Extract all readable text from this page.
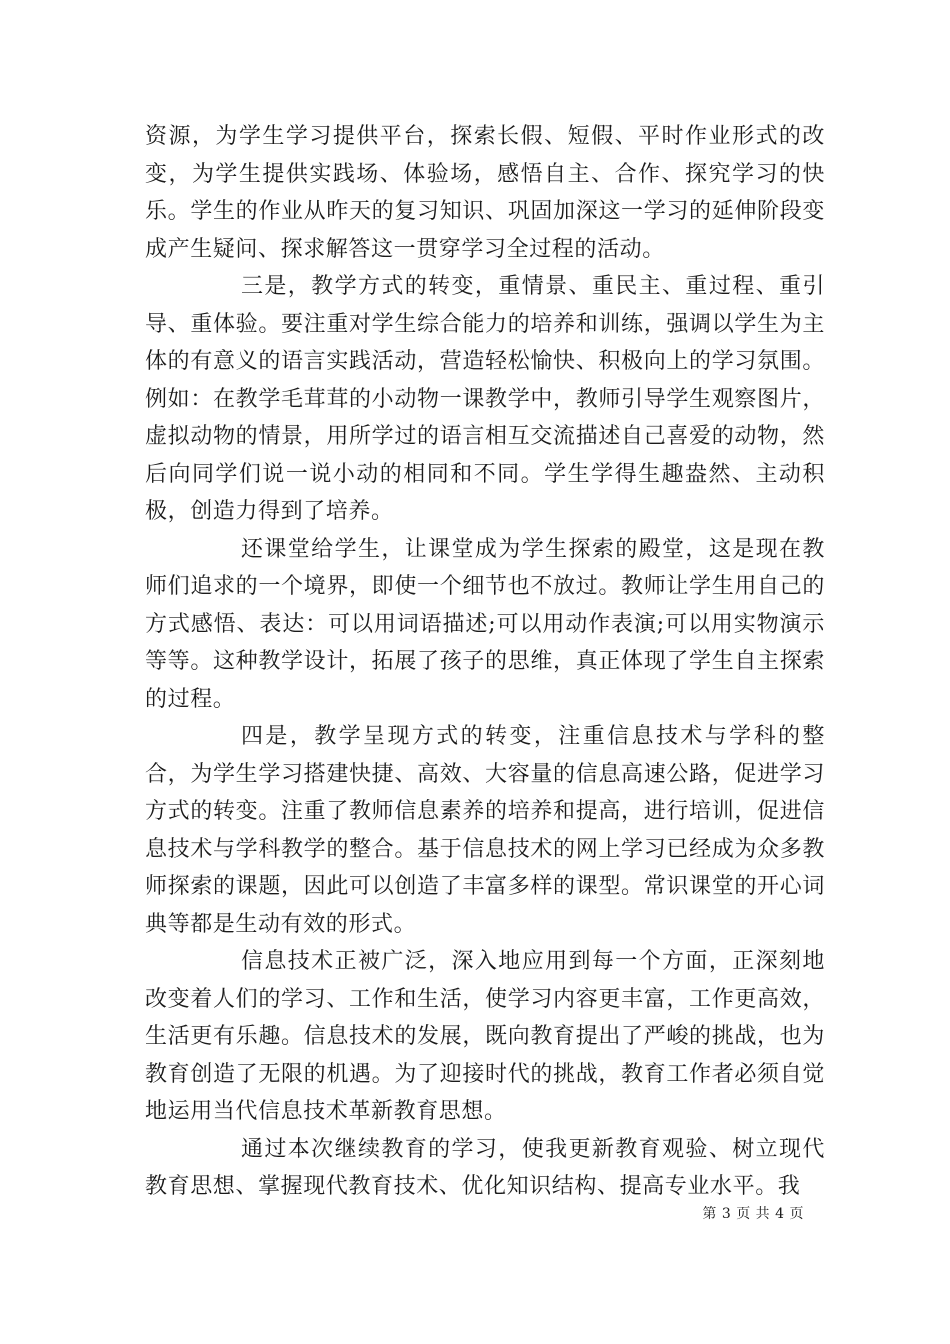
资源，为学生学习提供平台，探索长假、短假、平时作业形式的改变，为学生提供实践场、体验场，感悟自主、合作、探究学习的快乐。学生的作业从昨天的复习知识、巩固加深这一学习的延伸阶段变成产生疑问、探求解答这一贯穿学习全过程的活动。

三是，教学方式的转变，重情景、重民主、重过程、重引导、重体验。要注重对学生综合能力的培养和训练，强调以学生为主体的有意义的语言实践活动，营造轻松愉快、积极向上的学习氛围。例如：在教学毛茸茸的小动物一课教学中，教师引导学生观察图片，虚拟动物的情景，用所学过的语言相互交流描述自己喜爱的动物，然后向同学们说一说小动的相同和不同。学生学得生趣盎然、主动积极，创造力得到了培养。

还课堂给学生，让课堂成为学生探索的殿堂，这是现在教师们追求的一个境界，即使一个细节也不放过。教师让学生用自己的方式感悟、表达：可以用词语描述;可以用动作表演;可以用实物演示等等。这种教学设计，拓展了孩子的思维，真正体现了学生自主探索的过程。

四是，教学呈现方式的转变，注重信息技术与学科的整合，为学生学习搭建快捷、高效、大容量的信息高速公路，促进学习方式的转变。注重了教师信息素养的培养和提高，进行培训，促进信息技术与学科教学的整合。基于信息技术的网上学习已经成为众多教师探索的课题，因此可以创造了丰富多样的课型。常识课堂的开心词典等都是生动有效的形式。

信息技术正被广泛，深入地应用到每一个方面，正深刻地改变着人们的学习、工作和生活，使学习内容更丰富，工作更高效，生活更有乐趣。信息技术的发展，既向教育提出了严峻的挑战，也为教育创造了无限的机遇。为了迎接时代的挑战，教育工作者必须自觉地运用当代信息技术革新教育思想。

通过本次继续教育的学习，使我更新教育观验、树立现代教育思想、掌握现代教育技术、优化知识结构、提高专业水平。我

第 3 页 共 4 页
